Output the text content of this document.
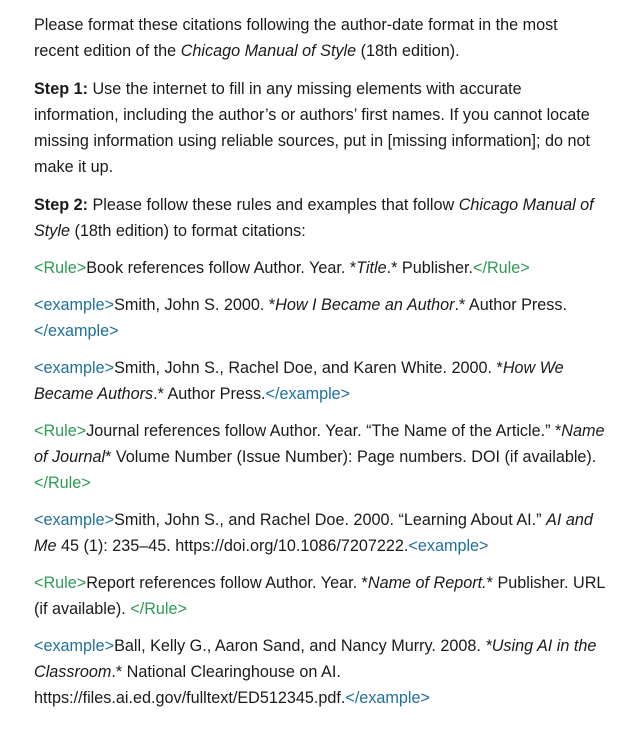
Please format these citations following the author-date format in the most recent edition of the Chicago Manual of Style (18th edition).

Step 1: Use the internet to fill in any missing elements with accurate information, including the author’s or authors’ first names. If you cannot locate missing information using reliable sources, put in [missing information]; do not make it up.

Step 2: Please follow these rules and examples that follow Chicago Manual of Style (18th edition) to format citations:

<Rule>Book references follow Author. Year. *Title.* Publisher.</Rule>

<example>Smith, John S. 2000. *How I Became an Author.* Author Press.</example>

<example>Smith, John S., Rachel Doe, and Karen White. 2000. *How We Became Authors.* Author Press.</example>

<Rule>Journal references follow Author. Year. “The Name of the Article.” *Name of Journal* Volume Number (Issue Number): Page numbers. DOI (if available). </Rule>

<example>Smith, John S., and Rachel Doe. 2000. “Learning About AI.” AI and Me 45 (1): 235–45. https://doi.org/10.1086/7207222.<example>

<Rule>Report references follow Author. Year. *Name of Report.* Publisher. URL (if available). </Rule>

<example>Ball, Kelly G., Aaron Sand, and Nancy Murry. 2008. *Using AI in the Classroom.* National Clearinghouse on AI. https://files.ai.ed.gov/fulltext/ED512345.pdf.</example>
